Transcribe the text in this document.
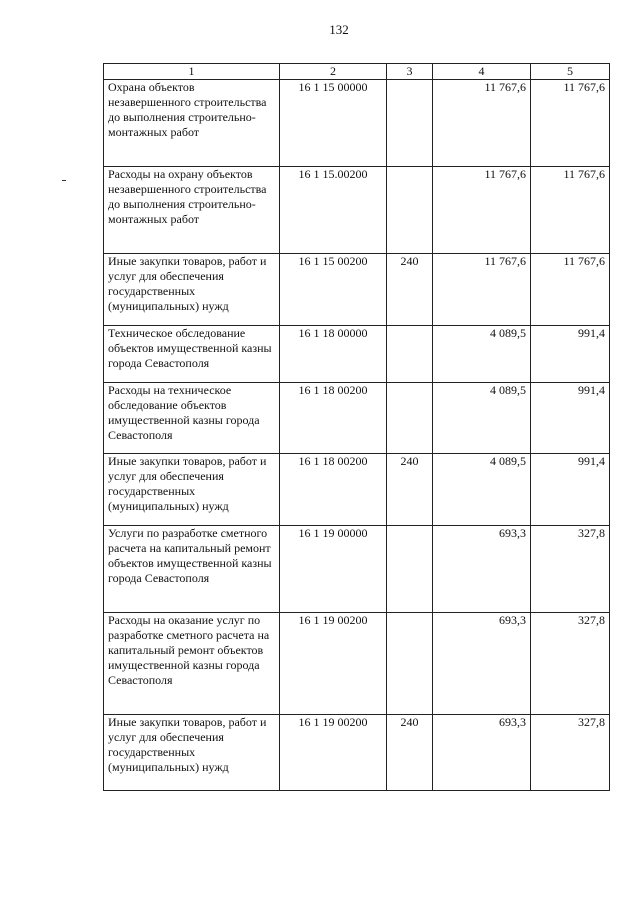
132
1	2	3	4	5
Охрана объектов незавершенного строительства до выполнения строительно-монтажных работ	16 1 15 00000		11 767,6	11 767,6
Расходы на охрану объектов незавершенного строительства до выполнения строительно-монтажных работ	16 1 15.00200		11 767,6	11 767,6
Иные закупки товаров, работ и услуг для обеспечения государственных (муниципальных) нужд	16 1 15 00200	240	11 767,6	11 767,6
Техническое обследование объектов имущественной казны города Севастополя	16 1 18 00000		4 089,5	991,4
Расходы на техническое обследование объектов имущественной казны города Севастополя	16 1 18 00200		4 089,5	991,4
Иные закупки товаров, работ и услуг для обеспечения государственных (муниципальных) нужд	16 1 18 00200	240	4 089,5	991,4
Услуги по разработке сметного расчета на капитальный ремонт объектов имущественной казны города Севастополя	16 1 19 00000		693,3	327,8
Расходы на оказание услуг по разработке сметного расчета на капитальный ремонт объектов имущественной казны города Севастополя	16 1 19 00200		693,3	327,8
Иные закупки товаров, работ и услуг для обеспечения государственных (муниципальных) нужд	16 1 19 00200	240	693,3	327,8
